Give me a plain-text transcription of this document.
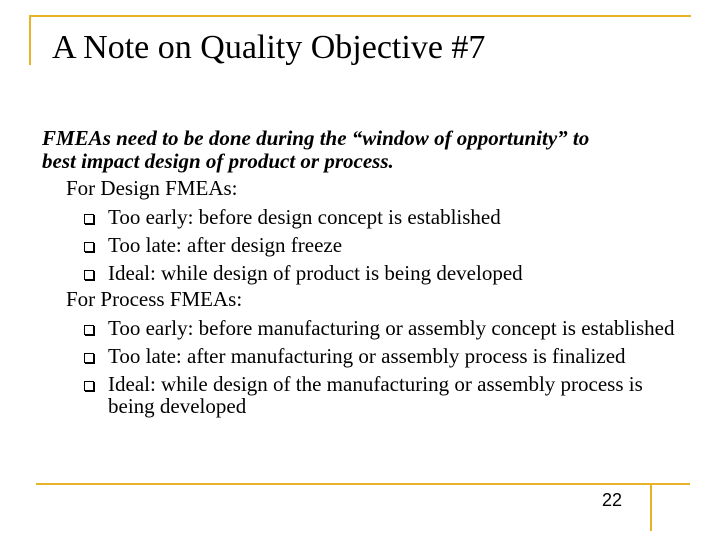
A Note on Quality Objective #7
FMEAs need to be done during the “window of opportunity” to
best impact design of product or process.
For Design FMEAs:
Too early: before design concept is established
Too late: after design freeze
Ideal: while design of product is being developed
For Process FMEAs:
Too early: before manufacturing or assembly concept is established
Too late: after manufacturing or assembly process is finalized
Ideal: while design of the manufacturing or assembly process is being developed
22
